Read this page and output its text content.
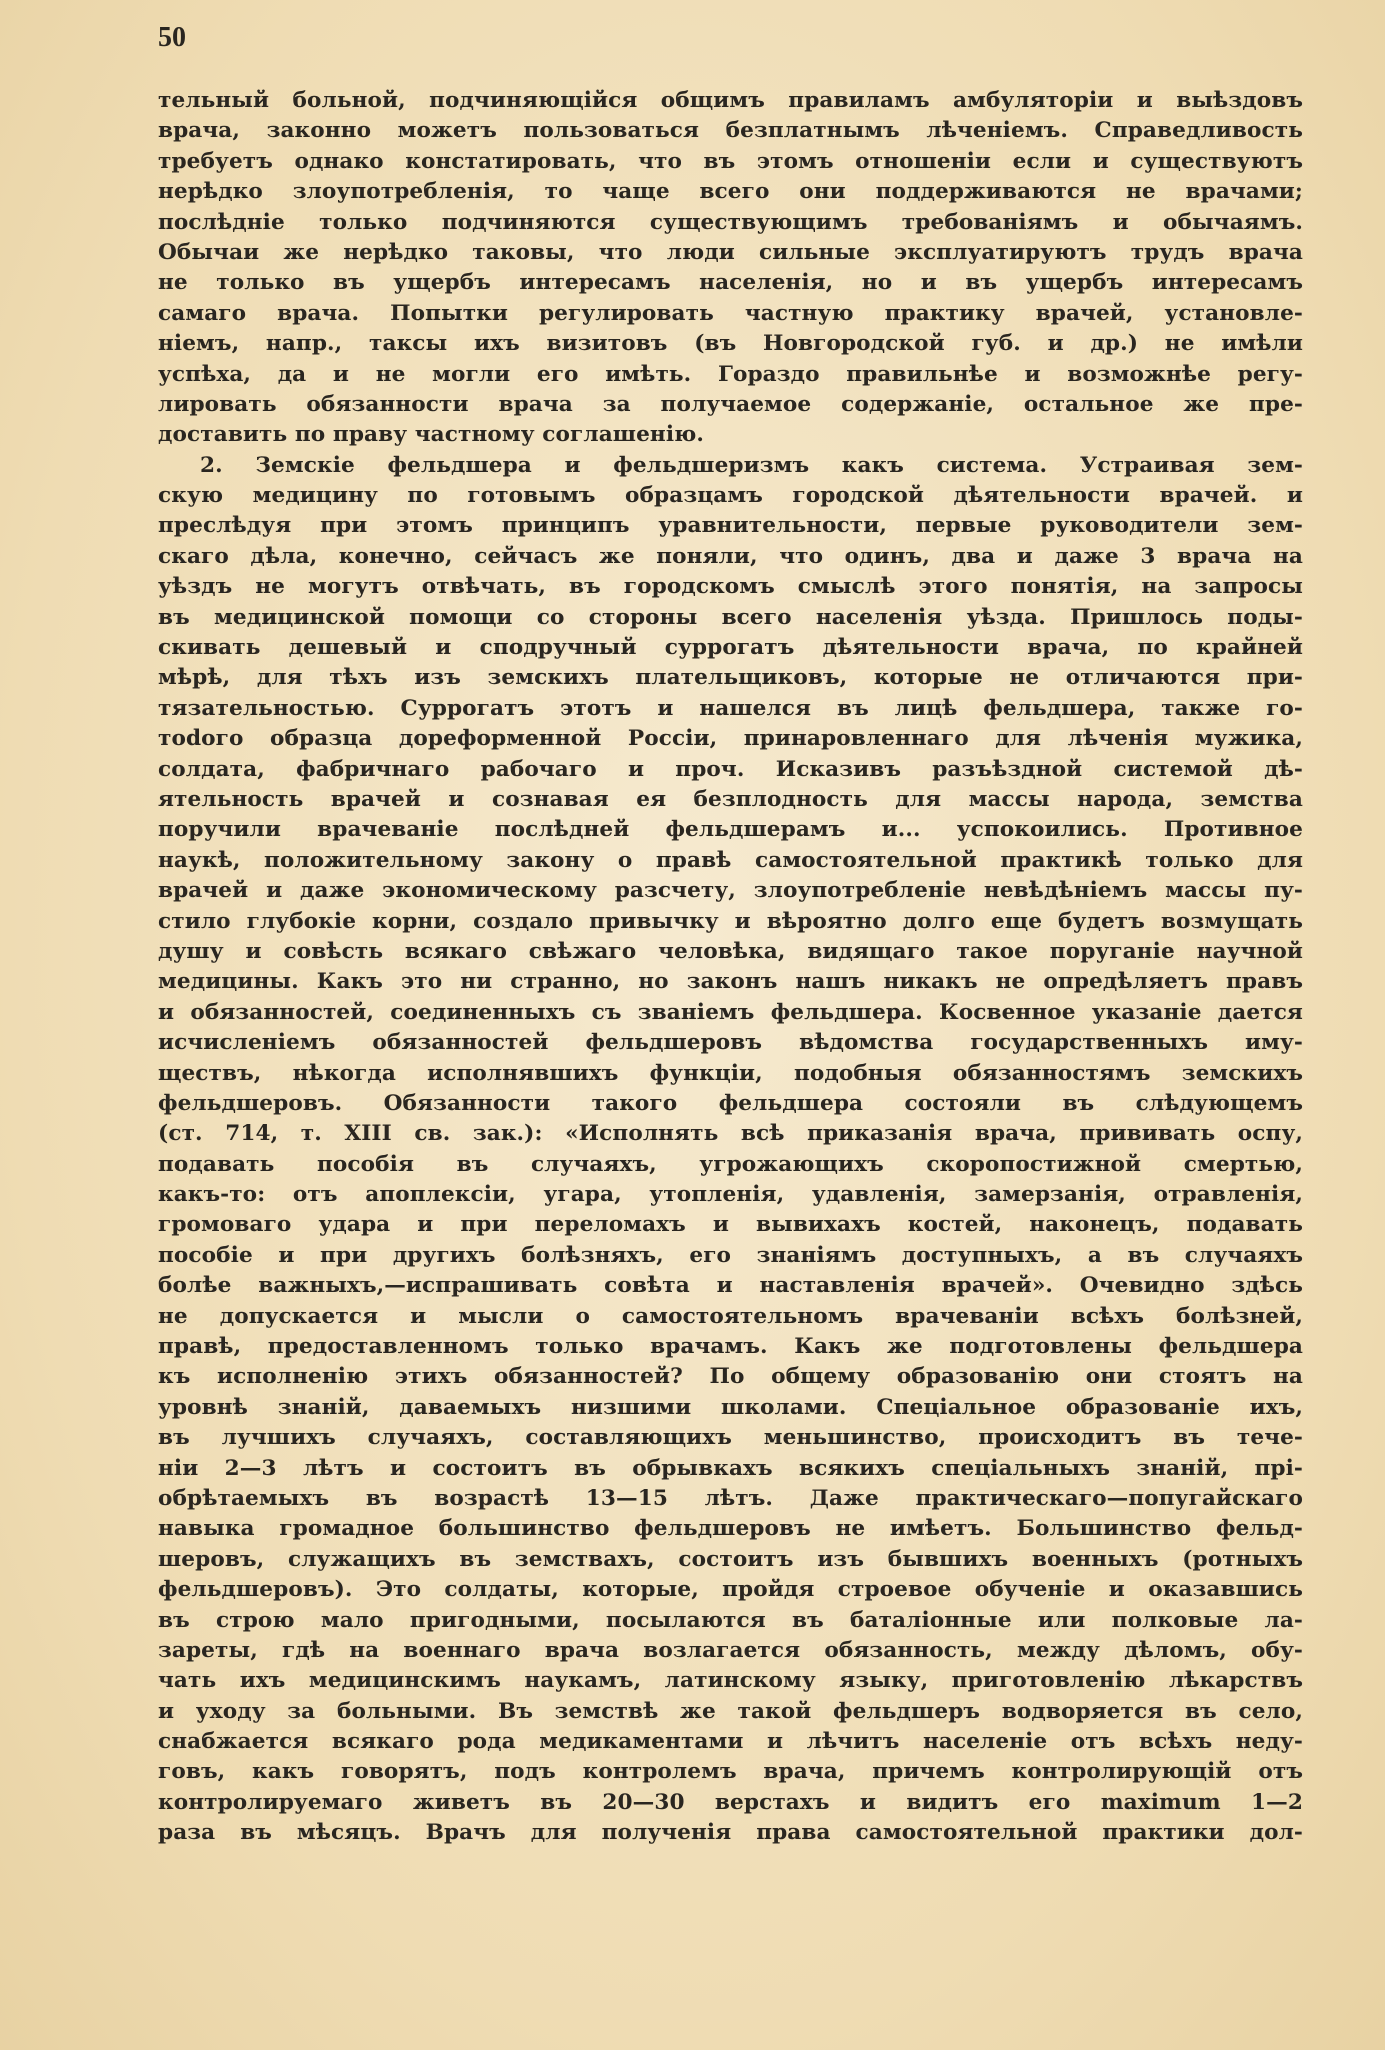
50
тельный больной, подчиняющійся общимъ правиламъ амбуляторіи и выѣздовъ
врача, законно можетъ пользоваться безплатнымъ лѣченіемъ. Справедливость
требуетъ однако констатировать, что въ этомъ отношеніи если и существуютъ
нерѣдко злоупотребленія, то чаще всего они поддерживаются не врачами;
послѣдніе только подчиняются существующимъ требованіямъ и обычаямъ.
Обычаи же нерѣдко таковы, что люди сильные эксплуатируютъ трудъ врача
не только въ ущербъ интересамъ населенія, но и въ ущербъ интересамъ
самаго врача. Попытки регулировать частную практику врачей, установле-
ніемъ, напр., таксы ихъ визитовъ (въ Новгородской губ. и др.) не имѣли
успѣха, да и не могли его имѣть. Гораздо правильнѣе и возможнѣе регу-
лировать обязанности врача за получаемое содержаніе, остальное же пре-
доставить по праву частному соглашенію.
2. Земскіе фельдшера и фельдшеризмъ какъ система. Устраивая зем-
скую медицину по готовымъ образцамъ городской дѣятельности врачей. и
преслѣдуя при этомъ принципъ уравнительности, первые руководители зем-
скаго дѣла, конечно, сейчасъ же поняли, что одинъ, два и даже 3 врача на
уѣздъ не могутъ отвѣчать, въ городскомъ смыслѣ этого понятія, на запросы
въ медицинской помощи со стороны всего населенія уѣзда. Пришлось поды-
скивать дешевый и сподручный суррогатъ дѣятельности врача, по крайней
мѣрѣ, для тѣхъ изъ земскихъ плательщиковъ, которые не отличаются при-
тязательностью. Суррогатъ этотъ и нашелся въ лицѣ фельдшера, также го-
тоdого образца дореформенной Россіи, принаровленнаго для лѣченія мужика,
солдата, фабричнаго рабочаго и проч. Исказивъ разъѣздной системой дѣ-
ятельность врачей и сознавая ея безплодность для массы народа, земства
поручили врачеваніе послѣдней фельдшерамъ и... успокоились. Противное
наукѣ, положительному закону о правѣ самостоятельной практикѣ только для
врачей и даже экономическому разсчету, злоупотребленіе невѣдѣніемъ массы пу-
стило глубокіе корни, создало привычку и вѣроятно долго еще будетъ возмущать
душу и совѣсть всякаго свѣжаго человѣка, видящаго такое поруганіе научной
медицины. Какъ это ни странно, но законъ нашъ никакъ не опредѣляетъ правъ
и обязанностей, соединенныхъ съ званіемъ фельдшера. Косвенное указаніе дается
исчисленіемъ обязанностей фельдшеровъ вѣдомства государственныхъ иму-
ществъ, нѣкогда исполнявшихъ функціи, подобныя обязанностямъ земскихъ
фельдшеровъ. Обязанности такого фельдшера состояли въ слѣдующемъ
(ст. 714, т. XIII св. зак.): «Исполнять всѣ приказанія врача, прививать оспу,
подавать пособія въ случаяхъ, угрожающихъ скоропостижной смертью,
какъ-то: отъ апоплексіи, угара, утопленія, удавленія, замерзанія, отравленія,
громоваго удара и при переломахъ и вывихахъ костей, наконецъ, подавать
пособіе и при другихъ болѣзняхъ, его знаніямъ доступныхъ, а въ случаяхъ
болѣе важныхъ,—испрашивать совѣта и наставленія врачей». Очевидно здѣсь
не допускается и мысли о самостоятельномъ врачеваніи всѣхъ болѣзней,
правѣ, предоставленномъ только врачамъ. Какъ же подготовлены фельдшера
къ исполненію этихъ обязанностей? По общему образованію они стоятъ на
уровнѣ знаній, даваемыхъ низшими школами. Спеціальное образованіе ихъ,
въ лучшихъ случаяхъ, составляющихъ меньшинство, происходитъ въ тече-
ніи 2—3 лѣтъ и состоитъ въ обрывкахъ всякихъ спеціальныхъ знаній, прі-
обрѣтаемыхъ въ возрастѣ 13—15 лѣтъ. Даже практическаго—попугайскаго
навыка громадное большинство фельдшеровъ не имѣетъ. Большинство фельд-
шеровъ, служащихъ въ земствахъ, состоитъ изъ бывшихъ военныхъ (ротныхъ
фельдшеровъ). Это солдаты, которые, пройдя строевое обученіе и оказавшись
въ строю мало пригодными, посылаются въ баталіонные или полковые ла-
зареты, гдѣ на военнаго врача возлагается обязанность, между дѣломъ, обу-
чать ихъ медицинскимъ наукамъ, латинскому языку, приготовленію лѣкарствъ
и уходу за больными. Въ земствѣ же такой фельдшеръ водворяется въ село,
снабжается всякаго рода медикаментами и лѣчитъ населеніе отъ всѣхъ неду-
говъ, какъ говорятъ, подъ контролемъ врача, причемъ контролирующій отъ
контролируемаго живетъ въ 20—30 верстахъ и видитъ его maximum 1—2
раза въ мѣсяцъ. Врачъ для полученія права самостоятельной практики дол-
